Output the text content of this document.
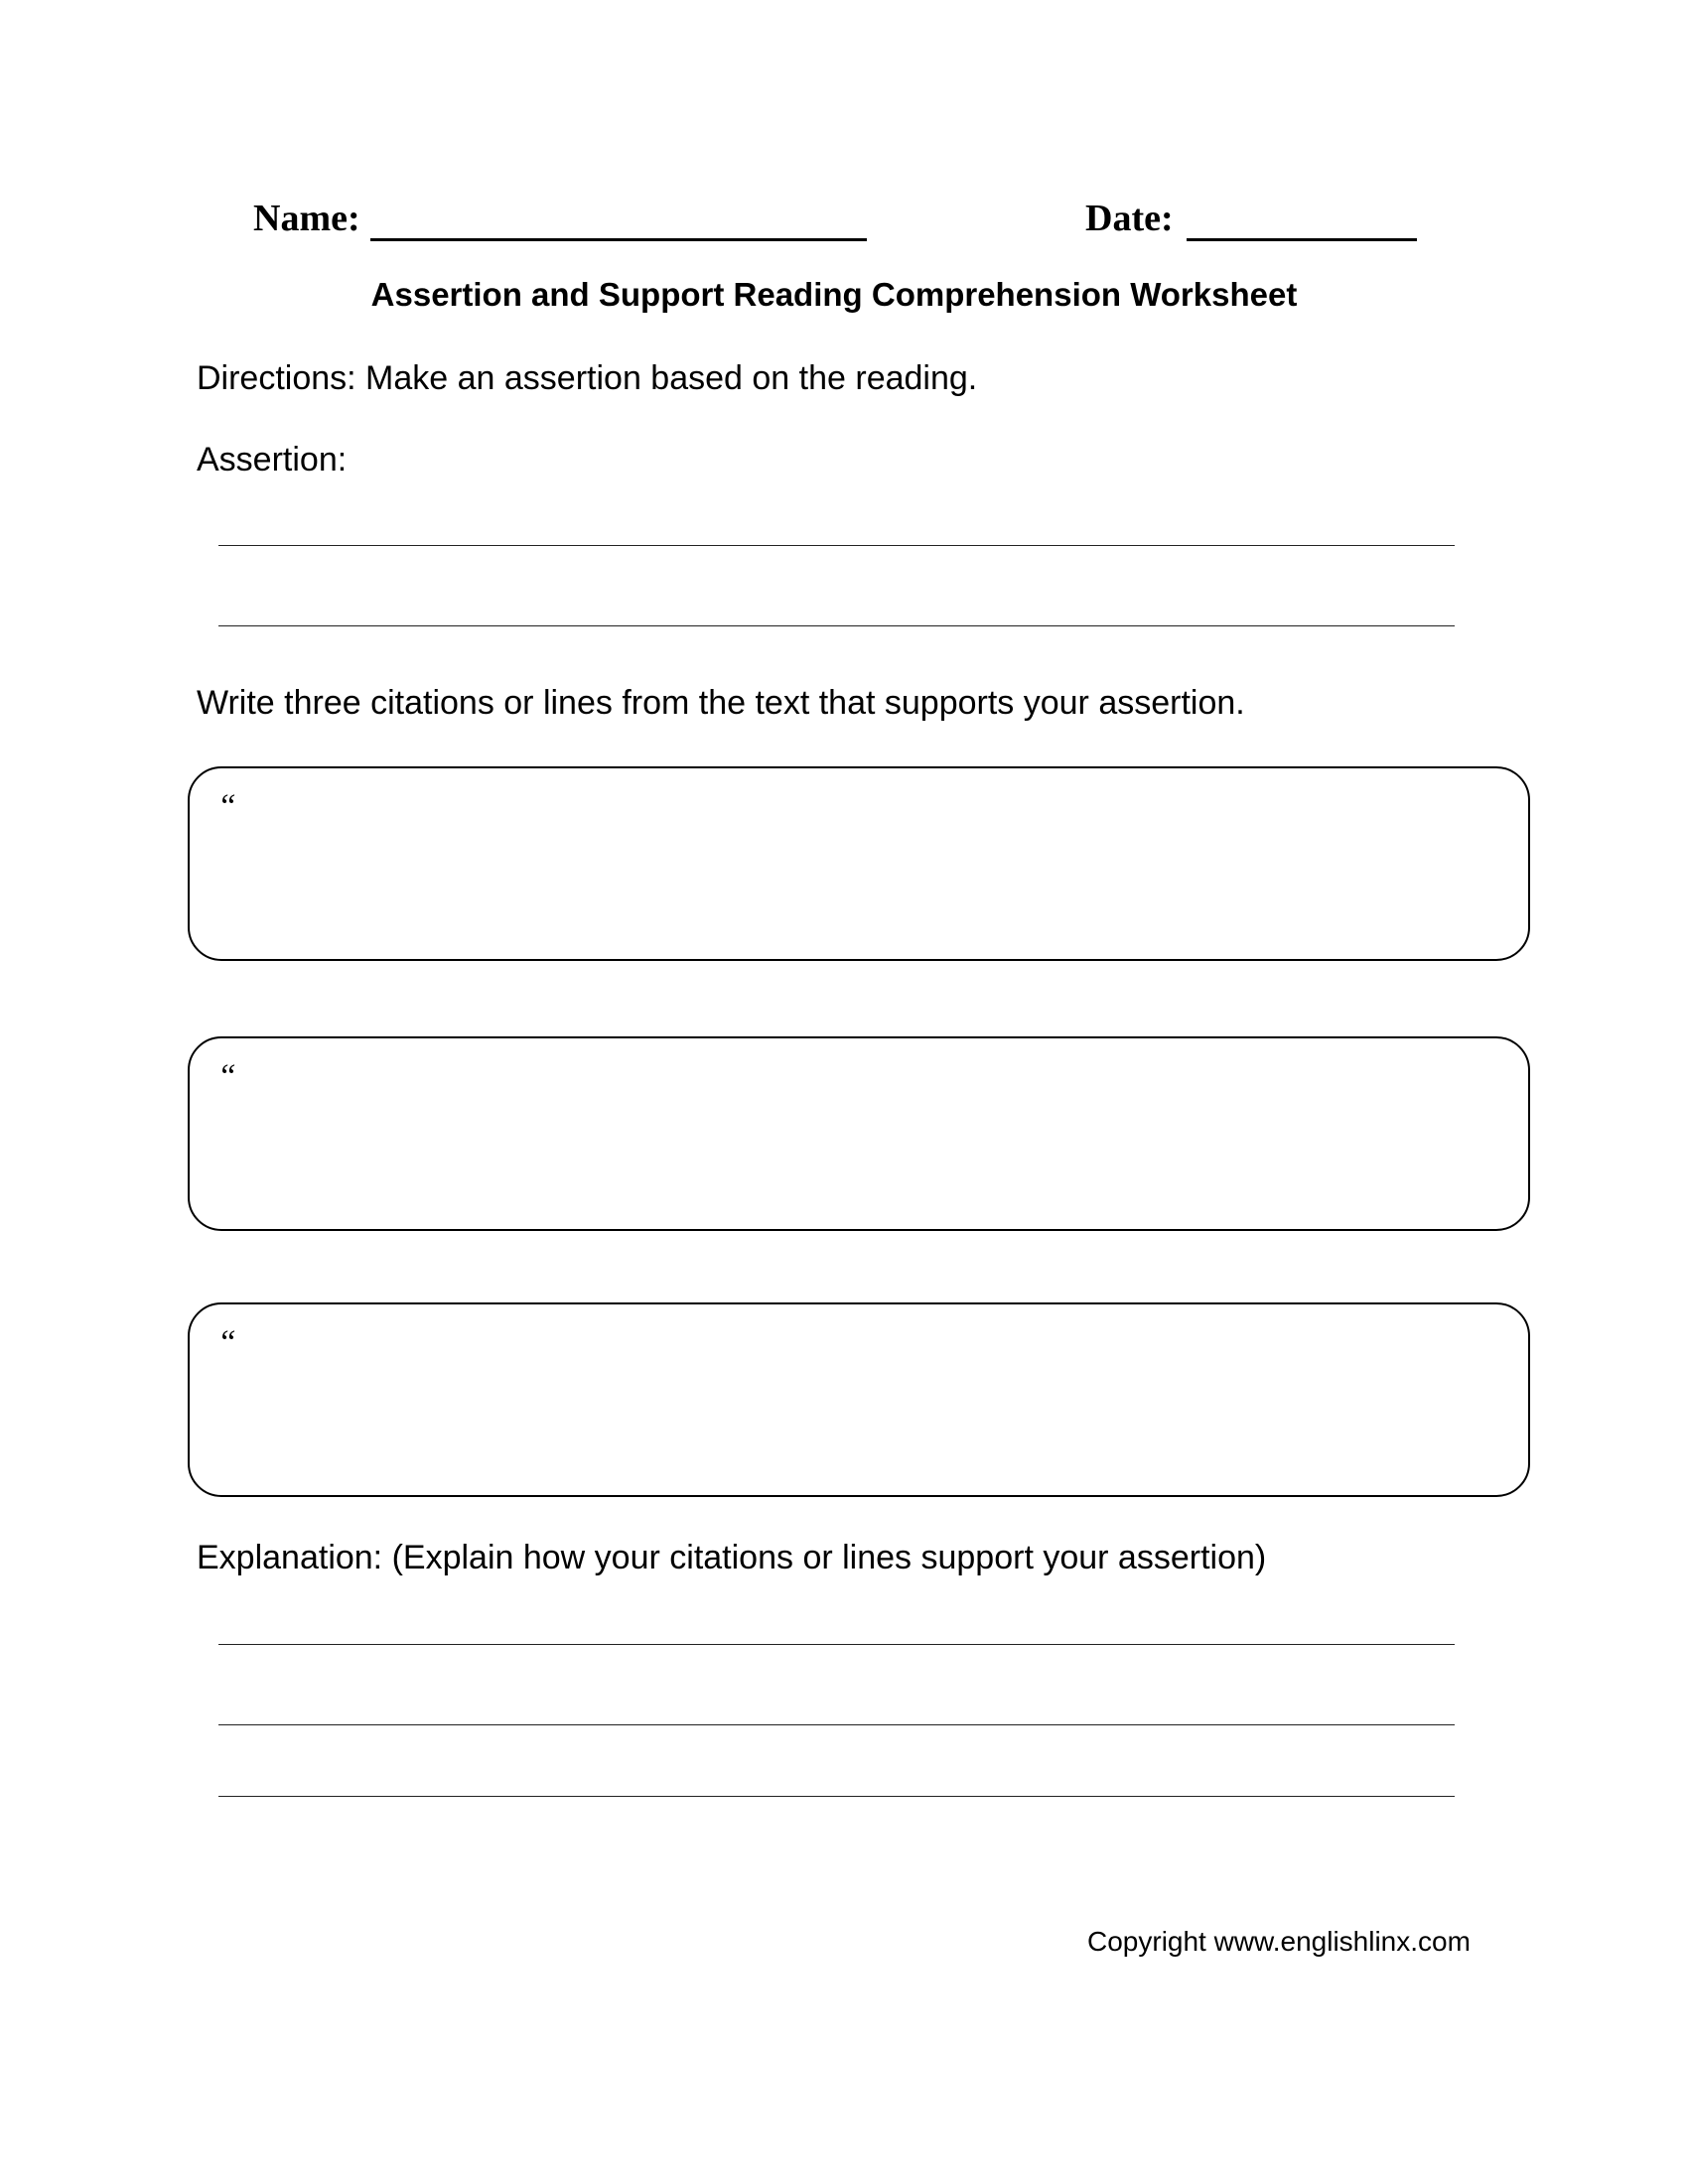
Name:	Date:
Assertion and Support Reading Comprehension Worksheet
Directions: Make an assertion based on the reading.
Assertion:
Write three citations or lines from the text that supports your assertion.
“
“
“
Explanation: (Explain how your citations or lines support your assertion)
Copyright www.englishlinx.com
